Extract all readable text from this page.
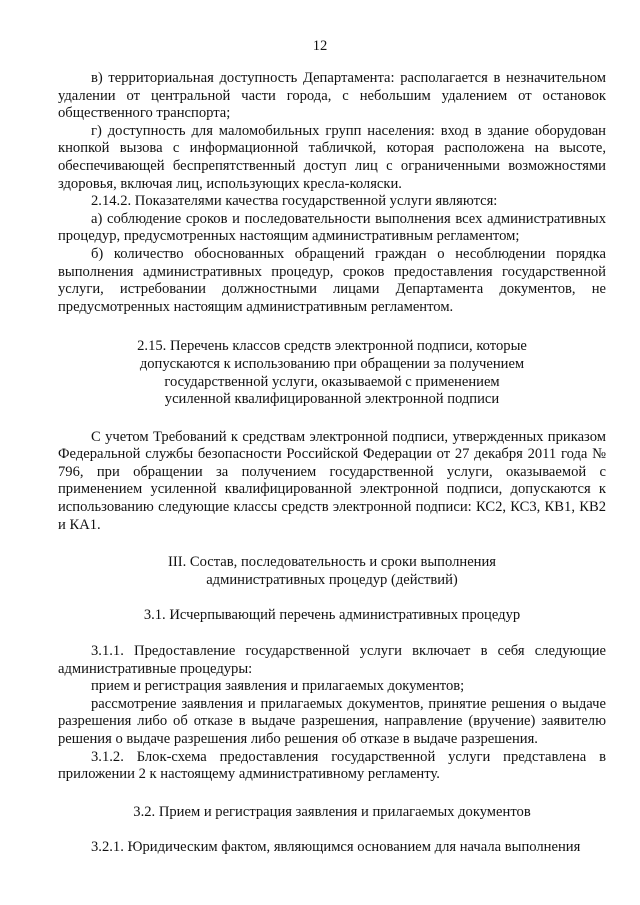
12

в) территориальная доступность Департамента: располагается в незначительном удалении от центральной части города, с небольшим удалением от остановок общественного транспорта;

г) доступность для маломобильных групп населения: вход в здание оборудован кнопкой вызова с информационной табличкой, которая расположена на высоте, обеспечивающей беспрепятственный доступ лиц с ограниченными возможностями здоровья, включая лиц, использующих кресла-коляски.

2.14.2. Показателями качества государственной услуги являются:

а) соблюдение сроков и последовательности выполнения всех административных процедур, предусмотренных настоящим административным регламентом;

б) количество обоснованных обращений граждан о несоблюдении порядка выполнения административных процедур, сроков предоставления государственной услуги, истребовании должностными лицами Департамента документов, не предусмотренных настоящим административным регламентом.

2.15. Перечень классов средств электронной подписи, которые
допускаются к использованию при обращении за получением
государственной услуги, оказываемой с применением
усиленной квалифицированной электронной подписи

С учетом Требований к средствам электронной подписи, утвержденных приказом Федеральной службы безопасности Российской Федерации от 27 декабря 2011 года № 796, при обращении за получением государственной услуги, оказываемой с применением усиленной квалифицированной электронной подписи, допускаются к использованию следующие классы средств электронной подписи: КС2, КС3, КВ1, КВ2 и КА1.

III. Состав, последовательность и сроки выполнения
административных процедур (действий)

3.1. Исчерпывающий перечень административных процедур

3.1.1. Предоставление государственной услуги включает в себя следующие административные процедуры:

прием и регистрация заявления и прилагаемых документов;

рассмотрение заявления и прилагаемых документов, принятие решения о выдаче разрешения либо об отказе в выдаче разрешения, направление (вручение) заявителю решения о выдаче разрешения либо решения об отказе в выдаче разрешения.

3.1.2. Блок-схема предоставления государственной услуги представлена в приложении 2 к настоящему административному регламенту.

3.2. Прием и регистрация заявления и прилагаемых документов

3.2.1. Юридическим фактом, являющимся основанием для начала выполнения
